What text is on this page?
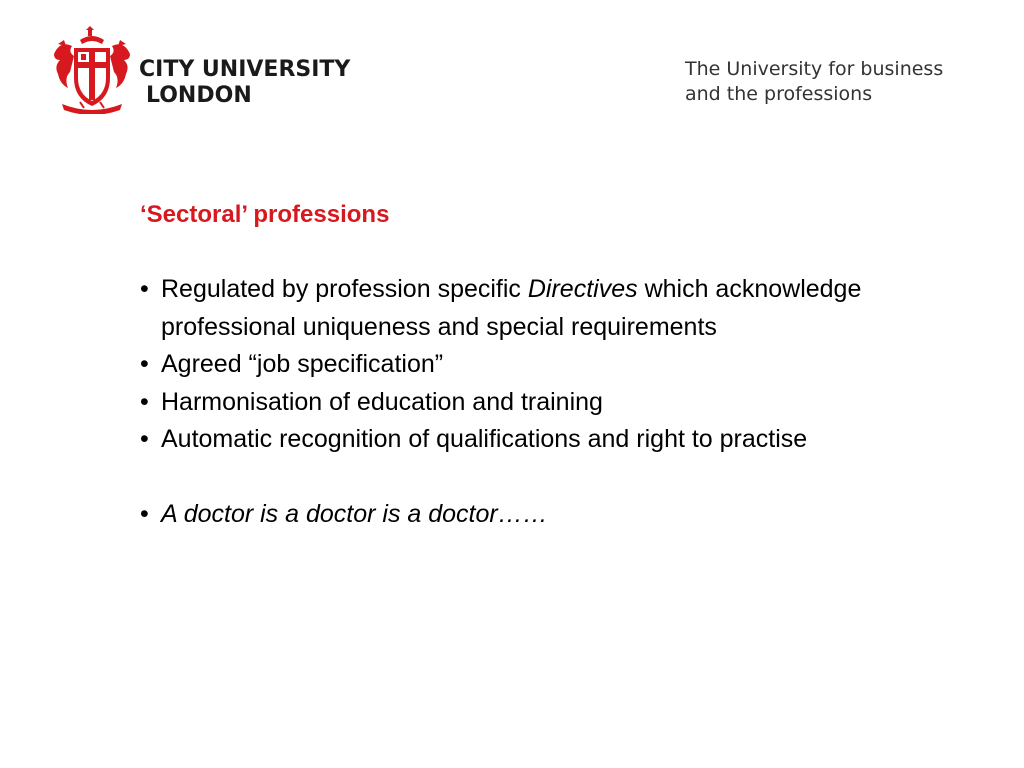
CITY UNIVERSITY
LONDON
The University for business
and the professions
‘Sectoral’ professions
• Regulated by profession specific Directives which acknowledge professional uniqueness and special requirements
• Agreed “job specification”
• Harmonisation of education and training
• Automatic recognition of qualifications and right to practise
• A doctor is a doctor is a doctor……
